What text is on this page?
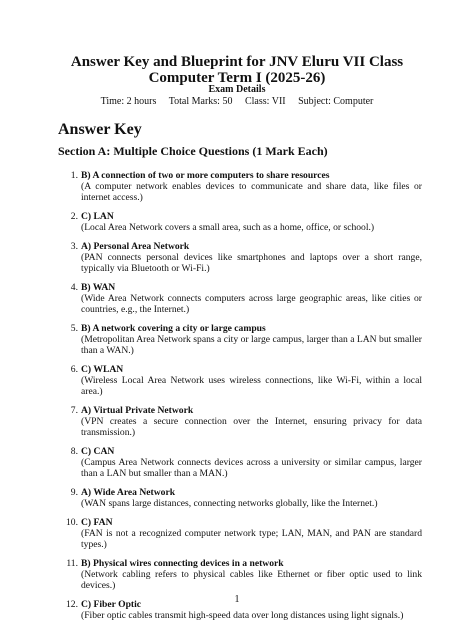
Answer Key and Blueprint for JNV Eluru VII Class
Computer Term I (2025-26)
Exam Details
Time: 2 hours Total Marks: 50 Class: VII Subject: Computer
Answer Key
Section A: Multiple Choice Questions (1 Mark Each)
1. B) A connection of two or more computers to share resources
(A computer network enables devices to communicate and share data, like files or internet access.)
2. C) LAN
(Local Area Network covers a small area, such as a home, office, or school.)
3. A) Personal Area Network
(PAN connects personal devices like smartphones and laptops over a short range, typically via Bluetooth or Wi-Fi.)
4. B) WAN
(Wide Area Network connects computers across large geographic areas, like cities or countries, e.g., the Internet.)
5. B) A network covering a city or large campus
(Metropolitan Area Network spans a city or large campus, larger than a LAN but smaller than a WAN.)
6. C) WLAN
(Wireless Local Area Network uses wireless connections, like Wi-Fi, within a local area.)
7. A) Virtual Private Network
(VPN creates a secure connection over the Internet, ensuring privacy for data transmission.)
8. C) CAN
(Campus Area Network connects devices across a university or similar campus, larger than a LAN but smaller than a MAN.)
9. A) Wide Area Network
(WAN spans large distances, connecting networks globally, like the Internet.)
10. C) FAN
(FAN is not a recognized computer network type; LAN, MAN, and PAN are standard types.)
11. B) Physical wires connecting devices in a network
(Network cabling refers to physical cables like Ethernet or fiber optic used to link devices.)
12. C) Fiber Optic
(Fiber optic cables transmit high-speed data over long distances using light signals.)
1
